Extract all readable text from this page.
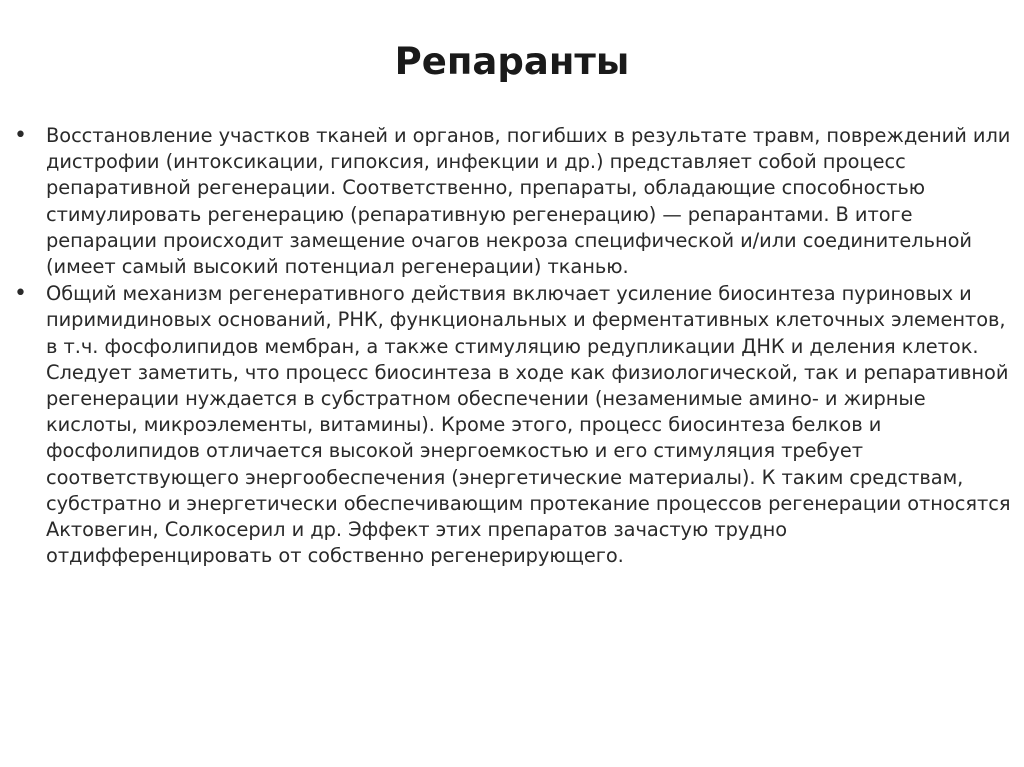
Репаранты
• Восстановление участков тканей и органов, погибших в результате травм, повреждений или дистрофии (интоксикации, гипоксия, инфекции и др.) представляет собой процесс репаративной регенерации. Соответственно, препараты, обладающие способностью стимулировать регенерацию (репаративную регенерацию) — репарантами. В итоге репарации происходит замещение очагов некроза специфической и/или соединительной (имеет самый высокий потенциал регенерации) тканью.
• Общий механизм регенеративного действия включает усиление биосинтеза пуриновых и пиримидиновых оснований, РНК, функциональных и ферментативных клеточных элементов, в т.ч. фосфолипидов мембран, а также стимуляцию редупликации ДНК и деления клеток. Следует заметить, что процесс биосинтеза в ходе как физиологической, так и репаративной регенерации нуждается в субстратном обеспечении (незаменимые амино- и жирные кислоты, микроэлементы, витамины). Кроме этого, процесс биосинтеза белков и фосфолипидов отличается высокой энергоемкостью и его стимуляция требует соответствующего энергообеспечения (энергетические материалы). К таким средствам, субстратно и энергетически обеспечивающим протекание процессов регенерации относятся Актовегин, Солкосерил и др. Эффект этих препаратов зачастую трудно отдифференцировать от собственно регенерирующего.
